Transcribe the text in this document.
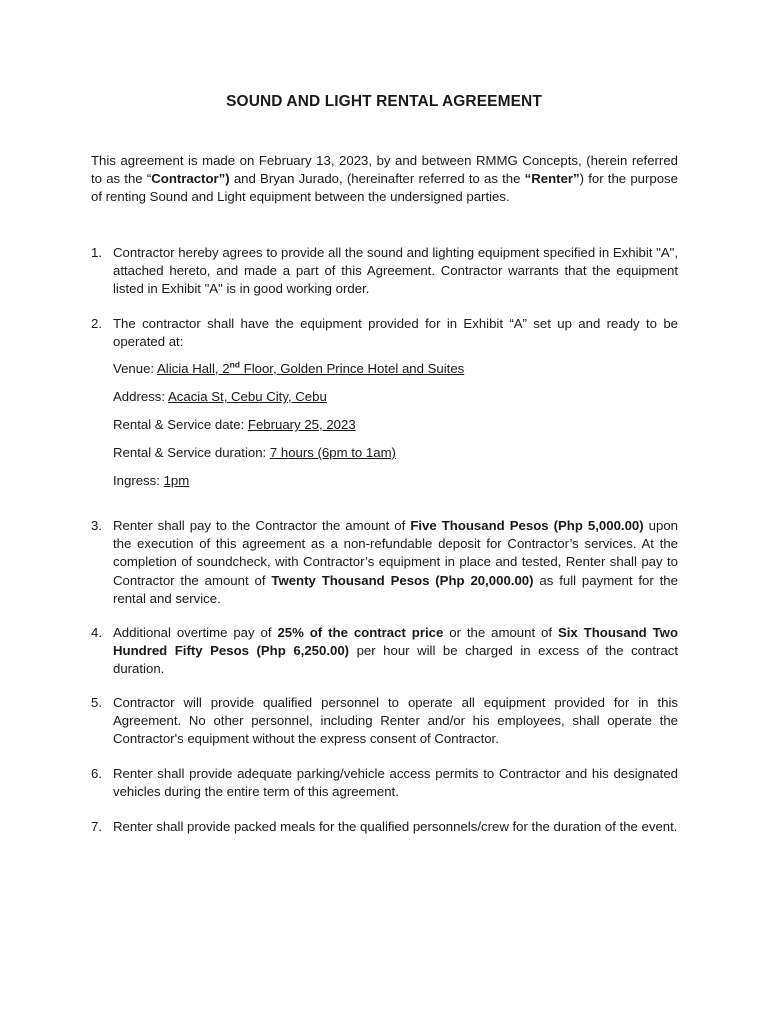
SOUND AND LIGHT RENTAL AGREEMENT
This agreement is made on February 13, 2023, by and between RMMG Concepts, (herein referred to as the “Contractor”) and Bryan Jurado, (hereinafter referred to as the “Renter”) for the purpose of renting Sound and Light equipment between the undersigned parties.
1. Contractor hereby agrees to provide all the sound and lighting equipment specified in Exhibit "A", attached hereto, and made a part of this Agreement. Contractor warrants that the equipment listed in Exhibit "A" is in good working order.
2. The contractor shall have the equipment provided for in Exhibit “A” set up and ready to be operated at:
Venue: Alicia Hall, 2nd Floor, Golden Prince Hotel and Suites
Address: Acacia St, Cebu City, Cebu
Rental & Service date: February 25, 2023
Rental & Service duration: 7 hours (6pm to 1am)
Ingress: 1pm
3. Renter shall pay to the Contractor the amount of Five Thousand Pesos (Php 5,000.00) upon the execution of this agreement as a non-refundable deposit for Contractor’s services. At the completion of soundcheck, with Contractor’s equipment in place and tested, Renter shall pay to Contractor the amount of Twenty Thousand Pesos (Php 20,000.00) as full payment for the rental and service.
4. Additional overtime pay of 25% of the contract price or the amount of Six Thousand Two Hundred Fifty Pesos (Php 6,250.00) per hour will be charged in excess of the contract duration.
5. Contractor will provide qualified personnel to operate all equipment provided for in this Agreement. No other personnel, including Renter and/or his employees, shall operate the Contractor's equipment without the express consent of Contractor.
6. Renter shall provide adequate parking/vehicle access permits to Contractor and his designated vehicles during the entire term of this agreement.
7. Renter shall provide packed meals for the qualified personnels/crew for the duration of the event.
